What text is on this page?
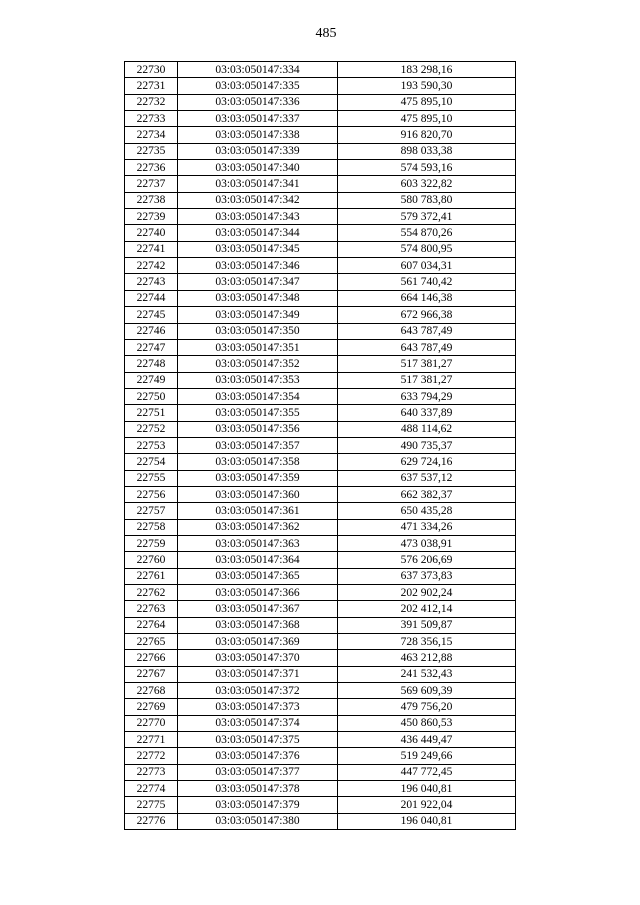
485
22730	03:03:050147:334	183 298,16
22731	03:03:050147:335	193 590,30
22732	03:03:050147:336	475 895,10
22733	03:03:050147:337	475 895,10
22734	03:03:050147:338	916 820,70
22735	03:03:050147:339	898 033,38
22736	03:03:050147:340	574 593,16
22737	03:03:050147:341	603 322,82
22738	03:03:050147:342	580 783,80
22739	03:03:050147:343	579 372,41
22740	03:03:050147:344	554 870,26
22741	03:03:050147:345	574 800,95
22742	03:03:050147:346	607 034,31
22743	03:03:050147:347	561 740,42
22744	03:03:050147:348	664 146,38
22745	03:03:050147:349	672 966,38
22746	03:03:050147:350	643 787,49
22747	03:03:050147:351	643 787,49
22748	03:03:050147:352	517 381,27
22749	03:03:050147:353	517 381,27
22750	03:03:050147:354	633 794,29
22751	03:03:050147:355	640 337,89
22752	03:03:050147:356	488 114,62
22753	03:03:050147:357	490 735,37
22754	03:03:050147:358	629 724,16
22755	03:03:050147:359	637 537,12
22756	03:03:050147:360	662 382,37
22757	03:03:050147:361	650 435,28
22758	03:03:050147:362	471 334,26
22759	03:03:050147:363	473 038,91
22760	03:03:050147:364	576 206,69
22761	03:03:050147:365	637 373,83
22762	03:03:050147:366	202 902,24
22763	03:03:050147:367	202 412,14
22764	03:03:050147:368	391 509,87
22765	03:03:050147:369	728 356,15
22766	03:03:050147:370	463 212,88
22767	03:03:050147:371	241 532,43
22768	03:03:050147:372	569 609,39
22769	03:03:050147:373	479 756,20
22770	03:03:050147:374	450 860,53
22771	03:03:050147:375	436 449,47
22772	03:03:050147:376	519 249,66
22773	03:03:050147:377	447 772,45
22774	03:03:050147:378	196 040,81
22775	03:03:050147:379	201 922,04
22776	03:03:050147:380	196 040,81
